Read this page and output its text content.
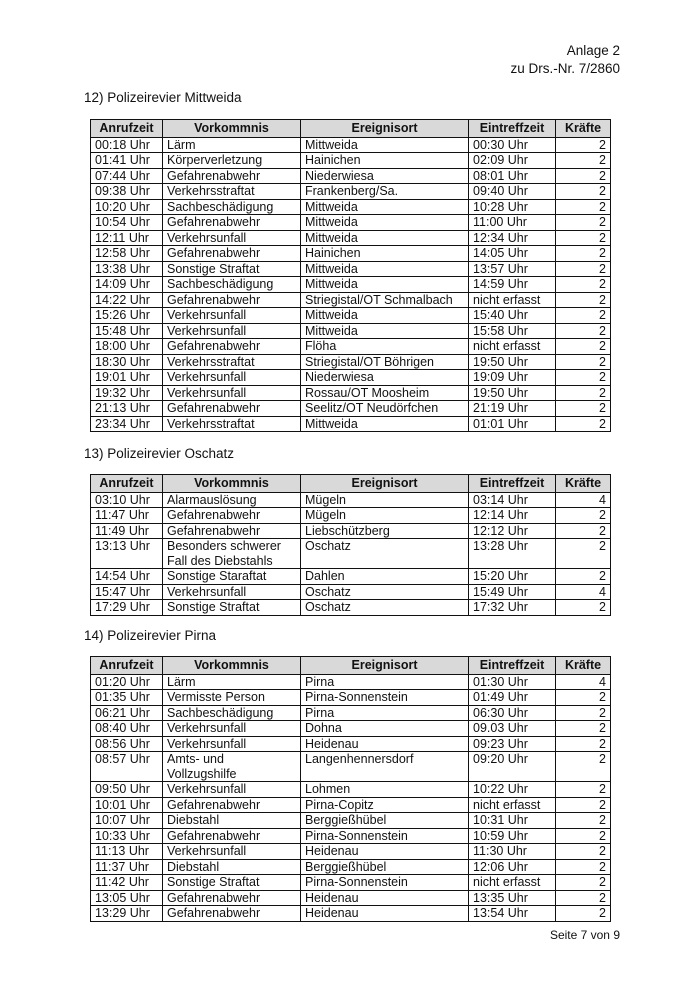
Anlage 2
zu Drs.-Nr. 7/2860
12) Polizeirevier Mittweida
Anrufzeit	Vorkommnis	Ereignisort	Eintreffzeit	Kräfte
00:18 Uhr	Lärm	Mittweida	00:30 Uhr	2
01:41 Uhr	Körperverletzung	Hainichen	02:09 Uhr	2
07:44 Uhr	Gefahrenabwehr	Niederwiesa	08:01 Uhr	2
09:38 Uhr	Verkehrsstraftat	Frankenberg/Sa.	09:40 Uhr	2
10:20 Uhr	Sachbeschädigung	Mittweida	10:28 Uhr	2
10:54 Uhr	Gefahrenabwehr	Mittweida	11:00 Uhr	2
12:11 Uhr	Verkehrsunfall	Mittweida	12:34 Uhr	2
12:58 Uhr	Gefahrenabwehr	Hainichen	14:05 Uhr	2
13:38 Uhr	Sonstige Straftat	Mittweida	13:57 Uhr	2
14:09 Uhr	Sachbeschädigung	Mittweida	14:59 Uhr	2
14:22 Uhr	Gefahrenabwehr	Striegistal/OT Schmalbach	nicht erfasst	2
15:26 Uhr	Verkehrsunfall	Mittweida	15:40 Uhr	2
15:48 Uhr	Verkehrsunfall	Mittweida	15:58 Uhr	2
18:00 Uhr	Gefahrenabwehr	Flöha	nicht erfasst	2
18:30 Uhr	Verkehrsstraftat	Striegistal/OT Böhrigen	19:50 Uhr	2
19:01 Uhr	Verkehrsunfall	Niederwiesa	19:09 Uhr	2
19:32 Uhr	Verkehrsunfall	Rossau/OT Moosheim	19:50 Uhr	2
21:13 Uhr	Gefahrenabwehr	Seelitz/OT Neudörfchen	21:19 Uhr	2
23:34 Uhr	Verkehrsstraftat	Mittweida	01:01 Uhr	2
13) Polizeirevier Oschatz
Anrufzeit	Vorkommnis	Ereignisort	Eintreffzeit	Kräfte
03:10 Uhr	Alarmauslösung	Mügeln	03:14 Uhr	4
11:47 Uhr	Gefahrenabwehr	Mügeln	12:14 Uhr	2
11:49 Uhr	Gefahrenabwehr	Liebschützberg	12:12 Uhr	2
13:13 Uhr	Besonders schwerer Fall des Diebstahls	Oschatz	13:28 Uhr	2
14:54 Uhr	Sonstige Staraftat	Dahlen	15:20 Uhr	2
15:47 Uhr	Verkehrsunfall	Oschatz	15:49 Uhr	4
17:29 Uhr	Sonstige Straftat	Oschatz	17:32 Uhr	2
14) Polizeirevier Pirna
Anrufzeit	Vorkommnis	Ereignisort	Eintreffzeit	Kräfte
01:20 Uhr	Lärm	Pirna	01:30 Uhr	4
01:35 Uhr	Vermisste Person	Pirna-Sonnenstein	01:49 Uhr	2
06:21 Uhr	Sachbeschädigung	Pirna	06:30 Uhr	2
08:40 Uhr	Verkehrsunfall	Dohna	09.03 Uhr	2
08:56 Uhr	Verkehrsunfall	Heidenau	09:23 Uhr	2
08:57 Uhr	Amts- und Vollzugshilfe	Langenhennersdorf	09:20 Uhr	2
09:50 Uhr	Verkehrsunfall	Lohmen	10:22 Uhr	2
10:01 Uhr	Gefahrenabwehr	Pirna-Copitz	nicht erfasst	2
10:07 Uhr	Diebstahl	Berggießhübel	10:31 Uhr	2
10:33 Uhr	Gefahrenabwehr	Pirna-Sonnenstein	10:59 Uhr	2
11:13 Uhr	Verkehrsunfall	Heidenau	11:30 Uhr	2
11:37 Uhr	Diebstahl	Berggießhübel	12:06 Uhr	2
11:42 Uhr	Sonstige Straftat	Pirna-Sonnenstein	nicht erfasst	2
13:05 Uhr	Gefahrenabwehr	Heidenau	13:35 Uhr	2
13:29 Uhr	Gefahrenabwehr	Heidenau	13:54 Uhr	2
Seite 7 von 9
